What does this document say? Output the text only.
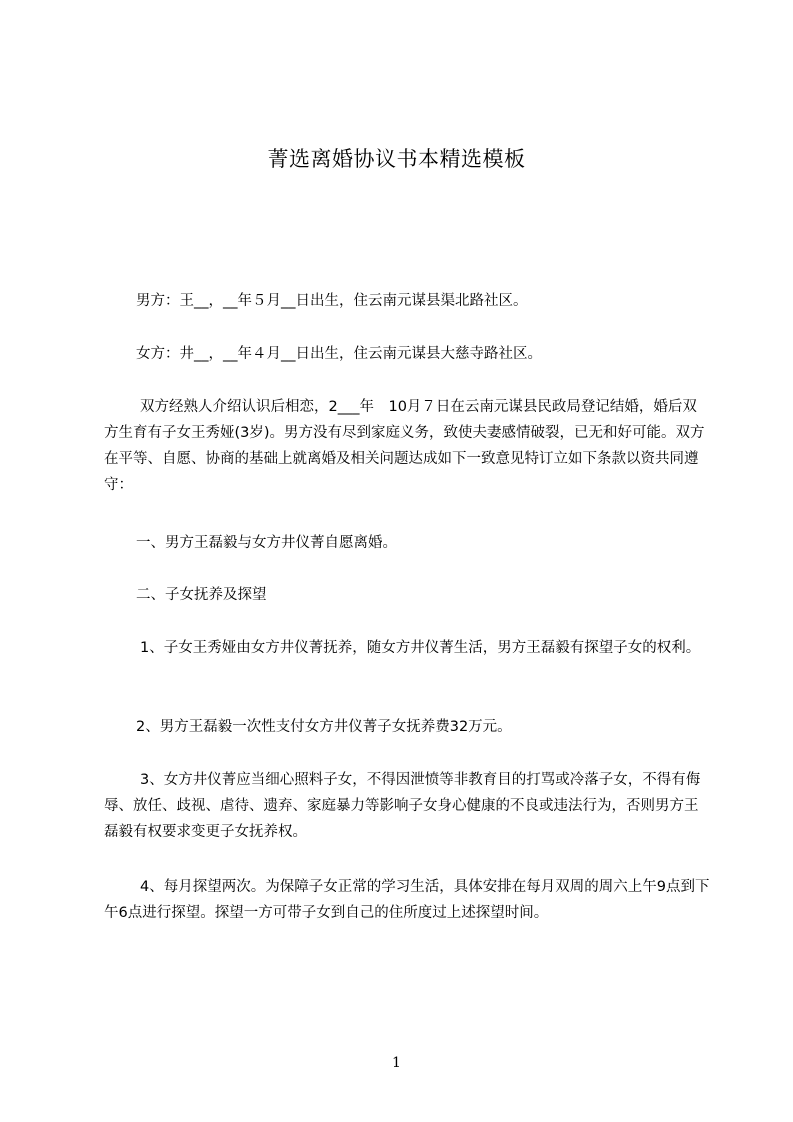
菁选离婚协议书本精选模板

男方：王__，__年５月__日出生，住云南元谋县渠北路社区。

女方：井__，__年４月__日出生，住云南元谋县大慈寺路社区。

双方经熟人介绍认识后相恋，2___年　10月７日在云南元谋县民政局登记结婚，婚后双方生育有子女王秀娅(3岁)。男方没有尽到家庭义务，致使夫妻感情破裂，已无和好可能。双方在平等、自愿、协商的基础上就离婚及相关问题达成如下一致意见特订立如下条款以资共同遵守：

一、男方王磊毅与女方井仪菁自愿离婚。

二、子女抚养及探望

1、子女王秀娅由女方井仪菁抚养，随女方井仪菁生活，男方王磊毅有探望子女的权利。

2、男方王磊毅一次性支付女方井仪菁子女抚养费32万元。

3、女方井仪菁应当细心照料子女，不得因泄愤等非教育目的打骂或冷落子女，不得有侮辱、放任、歧视、虐待、遗弃、家庭暴力等影响子女身心健康的不良或违法行为，否则男方王磊毅有权要求变更子女抚养权。

4、每月探望两次。为保障子女正常的学习生活，具体安排在每月双周的周六上午9点到下午6点进行探望。探望一方可带子女到自己的住所度过上述探望时间。

1
